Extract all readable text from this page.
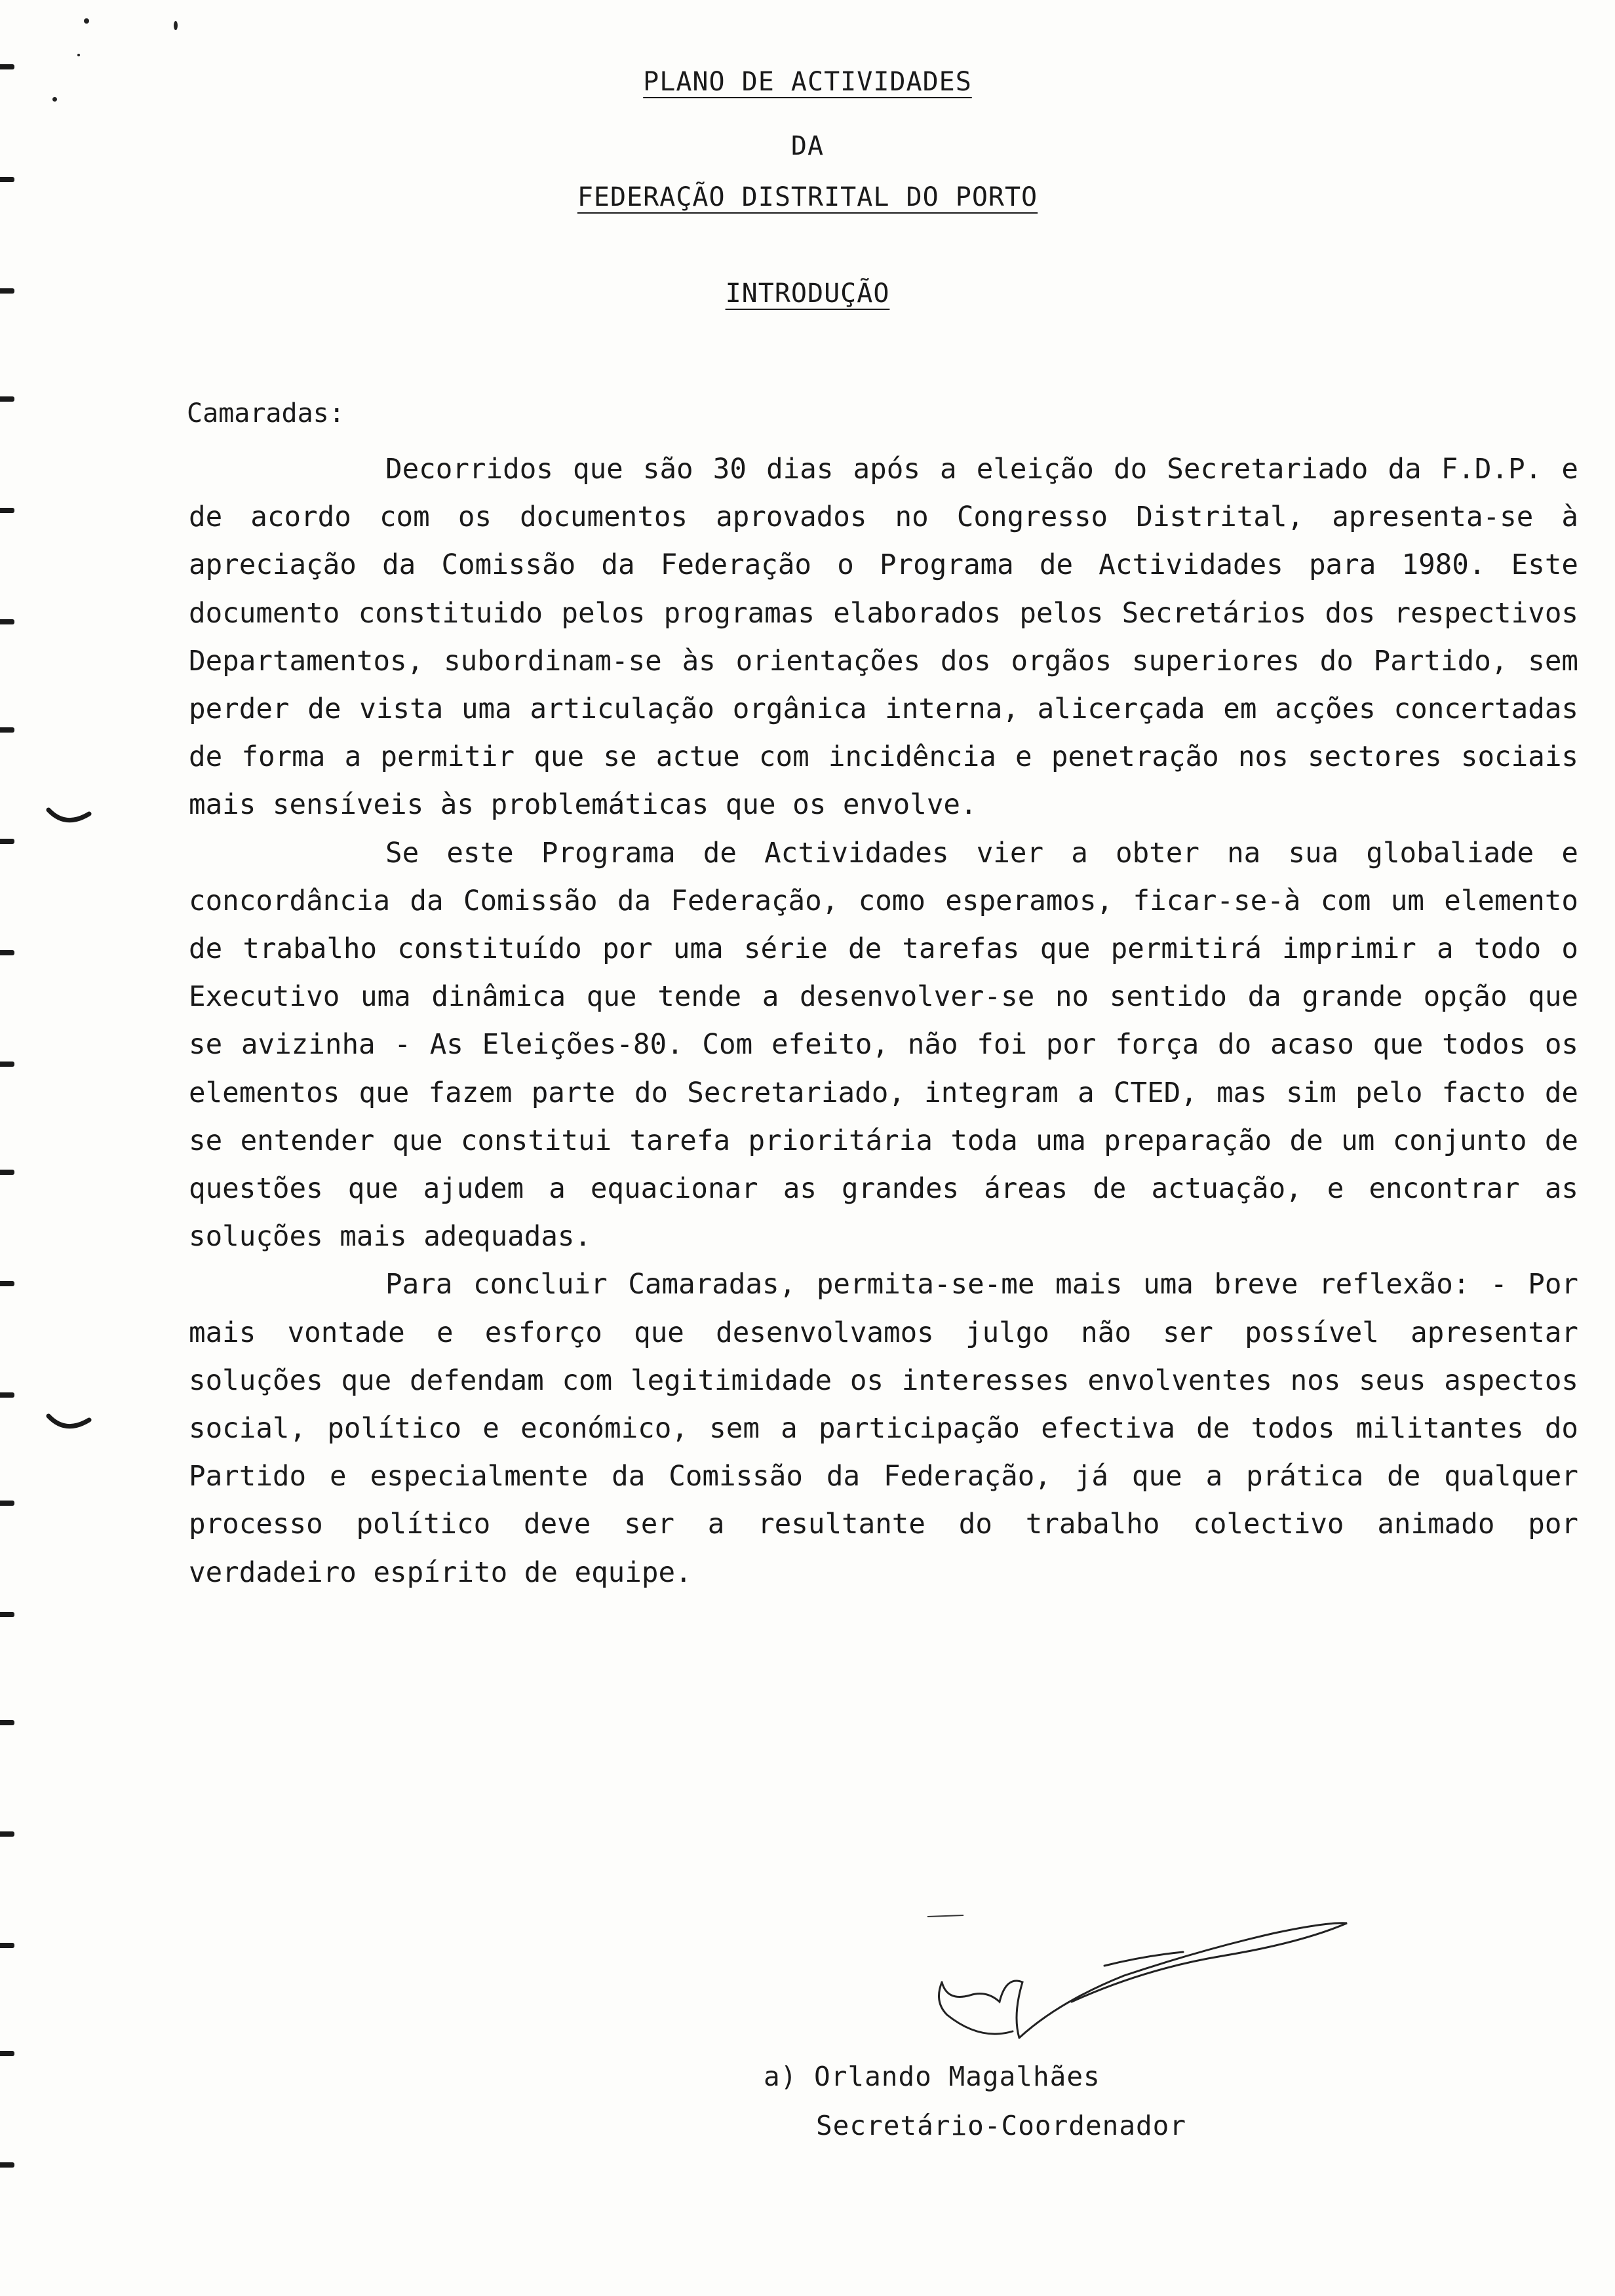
PLANO DE ACTIVIDADES
DA
FEDERAÇÃO DISTRITAL DO PORTO
INTRODUÇÃO
Camaradas:

Decorridos que são 30 dias após a eleição do Secretariado da F.D.P. e de acordo com os documentos aprovados no Congresso Distrital, apresenta-se à apreciação da Comissão da Federação o Programa de Actividades para 1980. Este documento constituido pelos programas elaborados pelos Secretários dos respectivos Departamentos, subordinam-se às orientações dos orgãos superiores do Partido, sem perder de vista uma articulação orgânica interna, alicerçada em acções concertadas de forma a permitir que se actue com incidência e penetração nos sectores sociais mais sensíveis às problemáticas que os envolve.

Se este Programa de Actividades vier a obter na sua globaliade e concordância da Comissão da Federação, como esperamos, ficar-se-à com um elemento de trabalho constituído por uma série de tarefas que permitirá imprimir a todo o Executivo uma dinâmica que tende a desenvolver-se no sentido da grande opção que se avizinha - As Eleições-80. Com efeito, não foi por força do acaso que todos os elementos que fazem parte do Secretariado, integram a CTED, mas sim pelo facto de se entender que constitui tarefa prioritária toda uma preparação de um conjunto de questões que ajudem a equacionar as grandes áreas de actuação, e encontrar as soluções mais adequadas.

Para concluir Camaradas, permita-se-me mais uma breve reflexão: - Por mais vontade e esforço que desenvolvamos julgo não ser possível apresentar soluções que defendam com legitimidade os interesses envolventes nos seus aspectos social, político e económico, sem a participação efectiva de todos militantes do Partido e especialmente da Comissão da Federação, já que a prática de qualquer processo político deve ser a resultante do trabalho colectivo animado por verdadeiro espírito de equipe.

a) Orlando Magalhães
Secretário-Coordenador
